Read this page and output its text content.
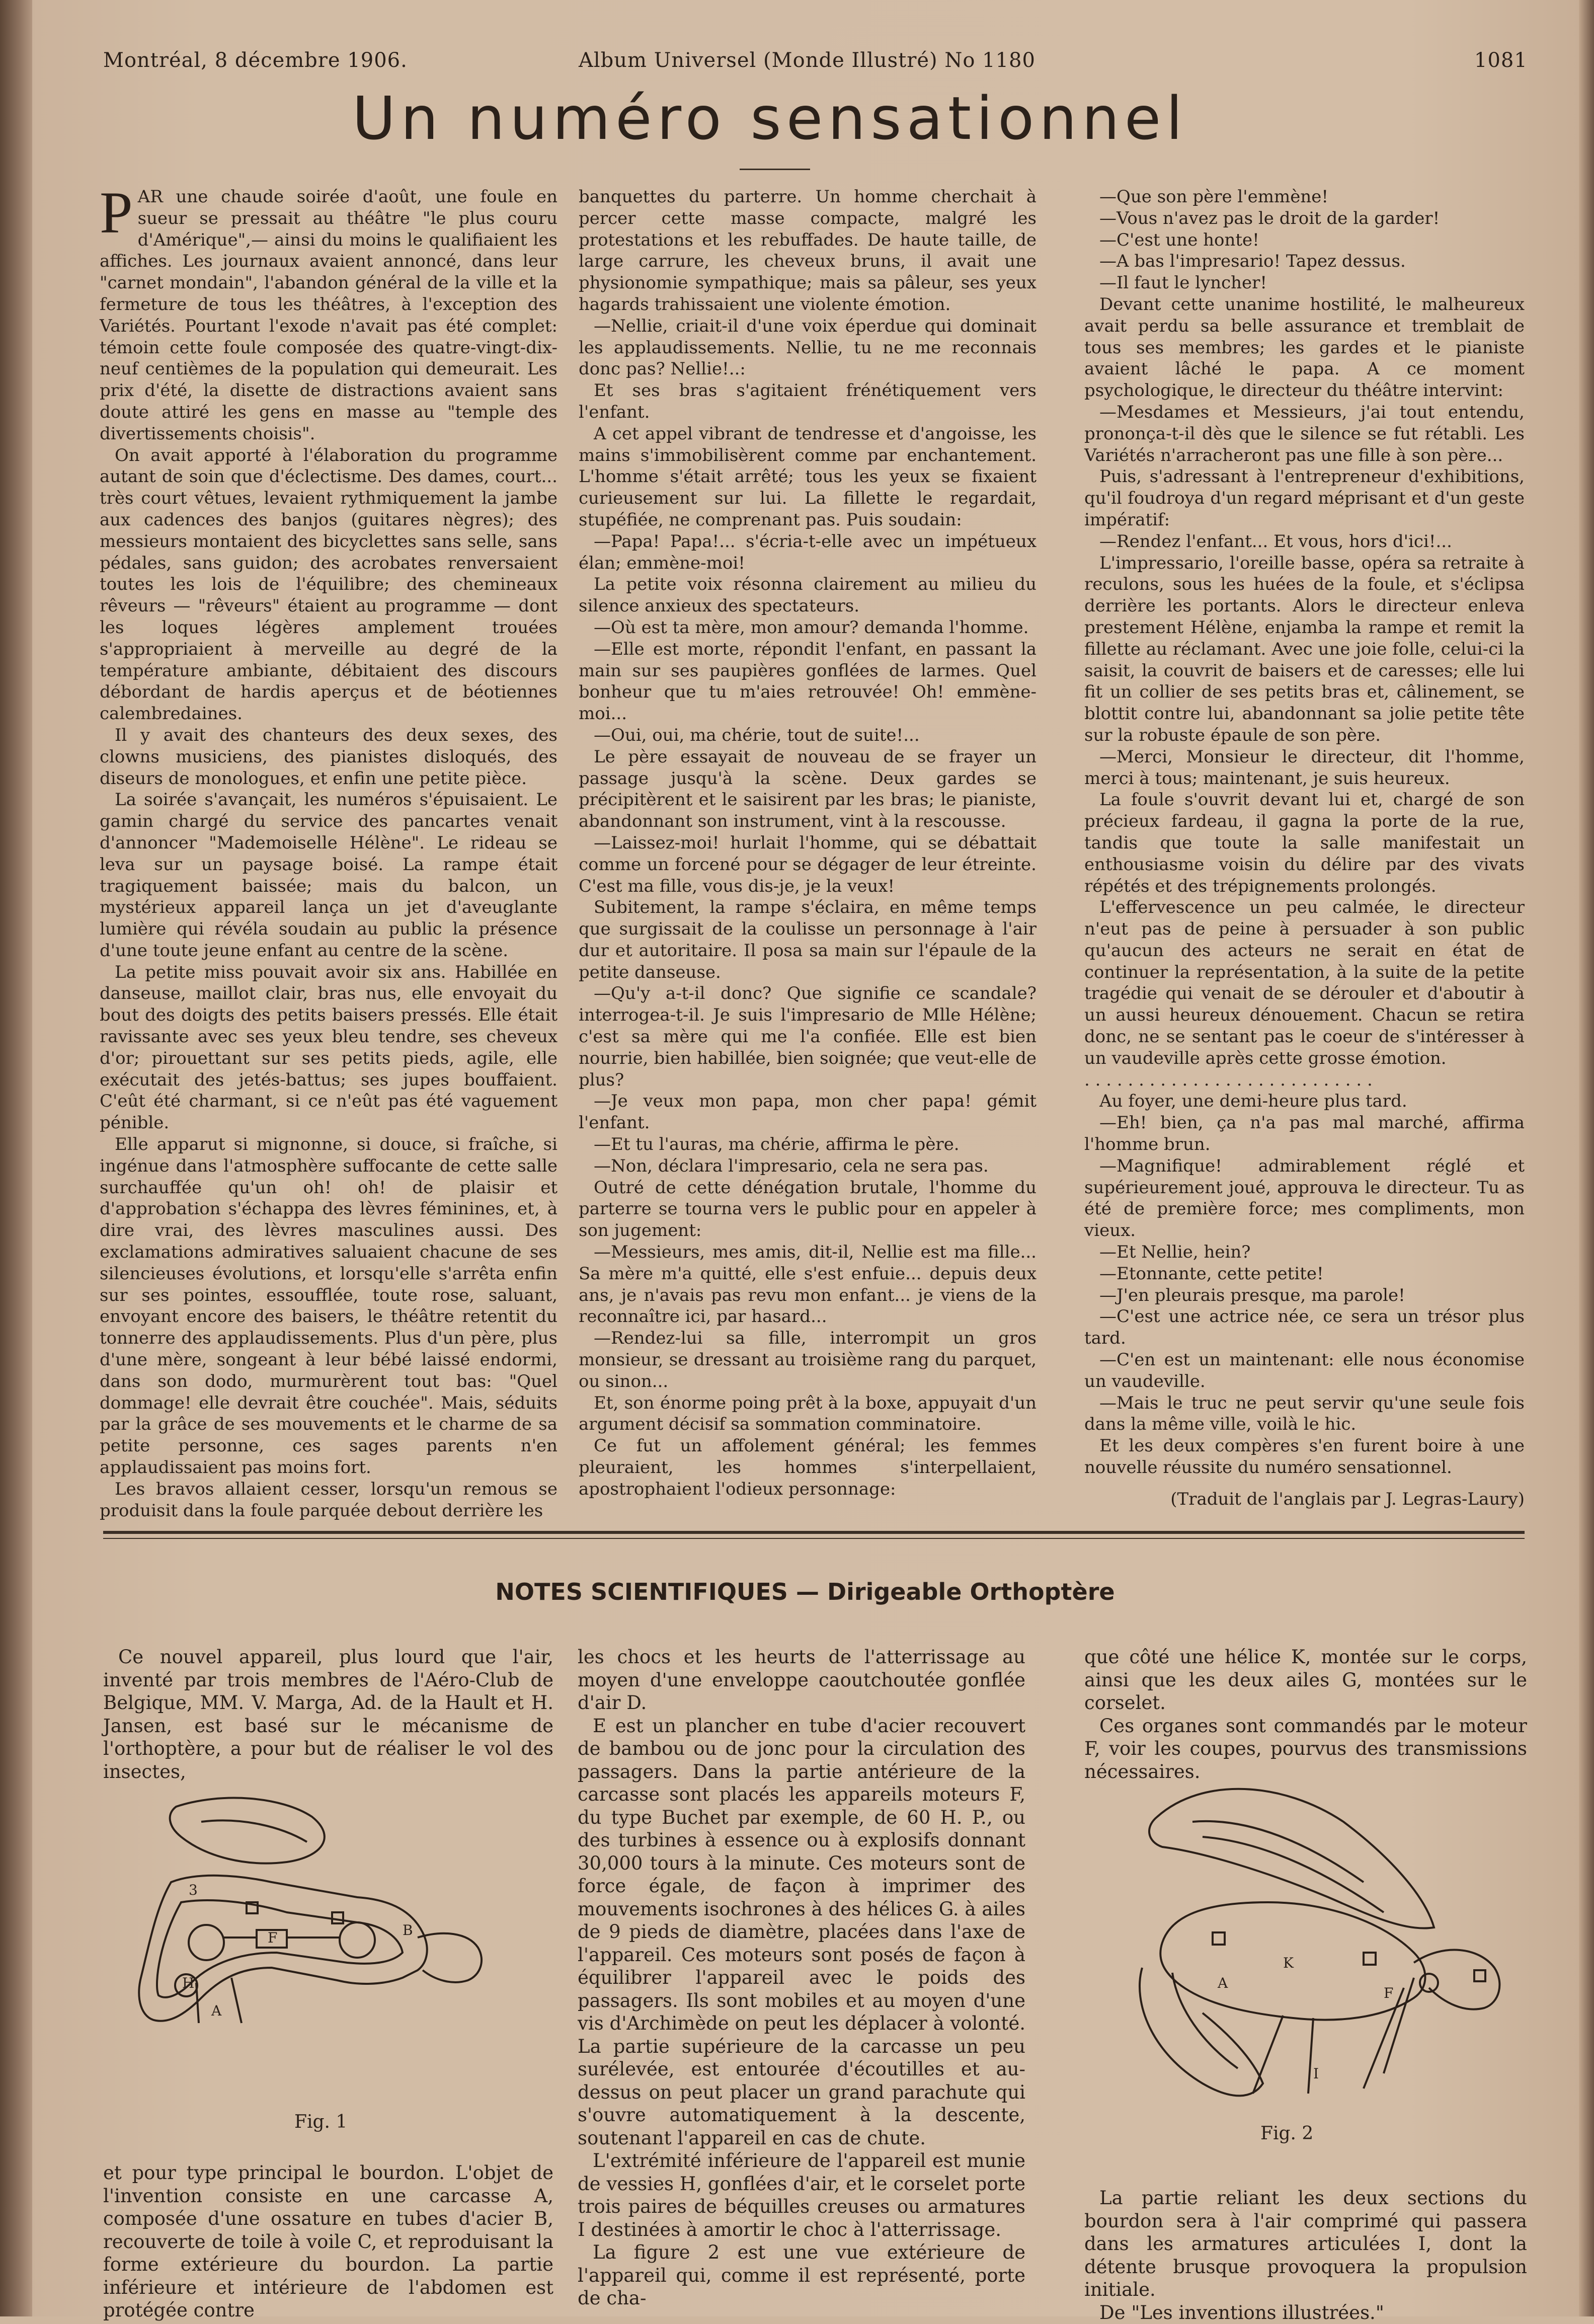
Montréal, 8 décembre 1906.	Album Universel (Monde Illustré) No 1180	1081
Un numéro sensationnel

PAR une chaude soirée d'août, une foule en sueur se pressait au théâtre "le plus couru d'Amérique",— ainsi du moins le qualifiaient les affiches. Les journaux avaient annoncé, dans leur "carnet mondain", l'abandon général de la ville et la fermeture de tous les théâtres, à l'exception des Variétés. Pourtant l'exode n'avait pas été complet: témoin cette foule composée des quatre-vingt-dix-neuf centièmes de la population qui demeurait. Les prix d'été, la disette de distractions avaient sans doute attiré les gens en masse au "temple des divertissements choisis".

On avait apporté à l'élaboration du programme autant de soin que d'éclectisme. Des dames, court... très court vêtues, levaient rythmiquement la jambe aux cadences des banjos (guitares nègres); des messieurs montaient des bicyclettes sans selle, sans pédales, sans guidon; des acrobates renversaient toutes les lois de l'équilibre; des chemineaux rêveurs — "rêveurs" étaient au programme — dont les loques légères amplement trouées s'appropriaient à merveille au degré de la température ambiante, débitaient des discours débordant de hardis aperçus et de béotiennes calembredaines.

Il y avait des chanteurs des deux sexes, des clowns musiciens, des pianistes disloqués, des diseurs de monologues, et enfin une petite pièce.

La soirée s'avançait, les numéros s'épuisaient. Le gamin chargé du service des pancartes venait d'annoncer "Mademoiselle Hélène". Le rideau se leva sur un paysage boisé. La rampe était tragiquement baissée; mais du balcon, un mystérieux appareil lança un jet d'aveuglante lumière qui révéla soudain au public la présence d'une toute jeune enfant au centre de la scène.

La petite miss pouvait avoir six ans. Habillée en danseuse, maillot clair, bras nus, elle envoyait du bout des doigts des petits baisers pressés. Elle était ravissante avec ses yeux bleu tendre, ses cheveux d'or; pirouettant sur ses petits pieds, agile, elle exécutait des jetés-battus; ses jupes bouffaient. C'eût été charmant, si ce n'eût pas été vaguement pénible.

Elle apparut si mignonne, si douce, si fraîche, si ingénue dans l'atmosphère suffocante de cette salle surchauffée qu'un oh! oh! de plaisir et d'approbation s'échappa des lèvres féminines, et, à dire vrai, des lèvres masculines aussi. Des exclamations admiratives saluaient chacune de ses silencieuses évolutions, et lorsqu'elle s'arrêta enfin sur ses pointes, essoufflée, toute rose, saluant, envoyant encore des baisers, le théâtre retentit du tonnerre des applaudissements. Plus d'un père, plus d'une mère, songeant à leur bébé laissé endormi, dans son dodo, murmurèrent tout bas: "Quel dommage! elle devrait être couchée". Mais, séduits par la grâce de ses mouvements et le charme de sa petite personne, ces sages parents n'en applaudissaient pas moins fort.

Les bravos allaient cesser, lorsqu'un remous se produisit dans la foule parquée debout derrière les

banquettes du parterre. Un homme cherchait à percer cette masse compacte, malgré les protestations et les rebuffades. De haute taille, de large carrure, les cheveux bruns, il avait une physionomie sympathique; mais sa pâleur, ses yeux hagards trahissaient une violente émotion.

—Nellie, criait-il d'une voix éperdue qui dominait les applaudissements. Nellie, tu ne me reconnais donc pas? Nellie!..:

Et ses bras s'agitaient frénétiquement vers l'enfant.

A cet appel vibrant de tendresse et d'angoisse, les mains s'immobilisèrent comme par enchantement. L'homme s'était arrêté; tous les yeux se fixaient curieusement sur lui. La fillette le regardait, stupéfiée, ne comprenant pas. Puis soudain:

—Papa! Papa!... s'écria-t-elle avec un impétueux élan; emmène-moi!

La petite voix résonna clairement au milieu du silence anxieux des spectateurs.

—Où est ta mère, mon amour? demanda l'homme.

—Elle est morte, répondit l'enfant, en passant la main sur ses paupières gonflées de larmes. Quel bonheur que tu m'aies retrouvée! Oh! emmène-moi...

—Oui, oui, ma chérie, tout de suite!...

Le père essayait de nouveau de se frayer un passage jusqu'à la scène. Deux gardes se précipitèrent et le saisirent par les bras; le pianiste, abandonnant son instrument, vint à la rescousse.

—Laissez-moi! hurlait l'homme, qui se débattait comme un forcené pour se dégager de leur étreinte. C'est ma fille, vous dis-je, je la veux!

Subitement, la rampe s'éclaira, en même temps que surgissait de la coulisse un personnage à l'air dur et autoritaire. Il posa sa main sur l'épaule de la petite danseuse.

—Qu'y a-t-il donc? Que signifie ce scandale? interrogea-t-il. Je suis l'impresario de Mlle Hélène; c'est sa mère qui me l'a confiée. Elle est bien nourrie, bien habillée, bien soignée; que veut-elle de plus?

—Je veux mon papa, mon cher papa! gémit l'enfant.

—Et tu l'auras, ma chérie, affirma le père.

—Non, déclara l'impresario, cela ne sera pas.

Outré de cette dénégation brutale, l'homme du parterre se tourna vers le public pour en appeler à son jugement:

—Messieurs, mes amis, dit-il, Nellie est ma fille... Sa mère m'a quitté, elle s'est enfuie... depuis deux ans, je n'avais pas revu mon enfant... je viens de la reconnaître ici, par hasard...

—Rendez-lui sa fille, interrompit un gros monsieur, se dressant au troisième rang du parquet, ou sinon...

Et, son énorme poing prêt à la boxe, appuyait d'un argument décisif sa sommation comminatoire.

Ce fut un affolement général; les femmes pleuraient, les hommes s'interpellaient, apostrophaient l'odieux personnage:

—Que son père l'emmène!

—Vous n'avez pas le droit de la garder!

—C'est une honte!

—A bas l'impresario! Tapez dessus.

—Il faut le lyncher!

Devant cette unanime hostilité, le malheureux avait perdu sa belle assurance et tremblait de tous ses membres; les gardes et le pianiste avaient lâché le papa. A ce moment psychologique, le directeur du théâtre intervint:

—Mesdames et Messieurs, j'ai tout entendu, prononça-t-il dès que le silence se fut rétabli. Les Variétés n'arracheront pas une fille à son père...

Puis, s'adressant à l'entrepreneur d'exhibitions, qu'il foudroya d'un regard méprisant et d'un geste impératif:

—Rendez l'enfant... Et vous, hors d'ici!...

L'impressario, l'oreille basse, opéra sa retraite à reculons, sous les huées de la foule, et s'éclipsa derrière les portants. Alors le directeur enleva prestement Hélène, enjamba la rampe et remit la fillette au réclamant. Avec une joie folle, celui-ci la saisit, la couvrit de baisers et de caresses; elle lui fit un collier de ses petits bras et, câlinement, se blottit contre lui, abandonnant sa jolie petite tête sur la robuste épaule de son père.

—Merci, Monsieur le directeur, dit l'homme, merci à tous; maintenant, je suis heureux.

La foule s'ouvrit devant lui et, chargé de son précieux fardeau, il gagna la porte de la rue, tandis que toute la salle manifestait un enthousiasme voisin du délire par des vivats répétés et des trépignements prolongés.

L'effervescence un peu calmée, le directeur n'eut pas de peine à persuader à son public qu'aucun des acteurs ne serait en état de continuer la représentation, à la suite de la petite tragédie qui venait de se dérouler et d'aboutir à un aussi heureux dénouement. Chacun se retira donc, ne se sentant pas le coeur de s'intéresser à un vaudeville après cette grosse émotion.

. . . . . . . . . . . . . . . . . . . . . . . . . . .

Au foyer, une demi-heure plus tard.

—Eh! bien, ça n'a pas mal marché, affirma l'homme brun.

—Magnifique! admirablement réglé et supérieurement joué, approuva le directeur. Tu as été de première force; mes compliments, mon vieux.

—Et Nellie, hein?

—Etonnante, cette petite!

—J'en pleurais presque, ma parole!

—C'est une actrice née, ce sera un trésor plus tard.

—C'en est un maintenant: elle nous économise un vaudeville.

—Mais le truc ne peut servir qu'une seule fois dans la même ville, voilà le hic.

Et les deux compères s'en furent boire à une nouvelle réussite du numéro sensationnel.

(Traduit de l'anglais par J. Legras-Laury)

NOTES SCIENTIFIQUES — Dirigeable Orthoptère

Ce nouvel appareil, plus lourd que l'air, inventé par trois membres de l'Aéro-Club de Belgique, MM. V. Marga, Ad. de la Hault et H. Jansen, est basé sur le mécanisme de l'orthoptère, a pour but de réaliser le vol des insectes,

3
F
H
A
B
Fig. 1

et pour type principal le bourdon. L'objet de l'invention consiste en une carcasse A, composée d'une ossature en tubes d'acier B, recouverte de toile à voile C, et reproduisant la forme extérieure du bourdon. La partie inférieure et intérieure de l'abdomen est protégée contre

les chocs et les heurts de l'atterrissage au moyen d'une enveloppe caoutchoutée gonflée d'air D.

E est un plancher en tube d'acier recouvert de bambou ou de jonc pour la circulation des passagers. Dans la partie antérieure de la carcasse sont placés les appareils moteurs F, du type Buchet par exemple, de 60 H. P., ou des turbines à essence ou à explosifs donnant 30,000 tours à la minute. Ces moteurs sont de force égale, de façon à imprimer des mouvements isochrones à des hélices G. à ailes de 9 pieds de diamètre, placées dans l'axe de l'appareil. Ces moteurs sont posés de façon à équilibrer l'appareil avec le poids des passagers. Ils sont mobiles et au moyen d'une vis d'Archimède on peut les déplacer à volonté. La partie supérieure de la carcasse un peu surélevée, est entourée d'écoutilles et au-dessus on peut placer un grand parachute qui s'ouvre automatiquement à la descente, soutenant l'appareil en cas de chute.

L'extrémité inférieure de l'appareil est munie de vessies H, gonflées d'air, et le corselet porte trois paires de béquilles creuses ou armatures I destinées à amortir le choc à l'atterrissage.

La figure 2 est une vue extérieure de l'appareil qui, comme il est représenté, porte de cha-

que côté une hélice K, montée sur le corps, ainsi que les deux ailes G, montées sur le corselet.

Ces organes sont commandés par le moteur F, voir les coupes, pourvus des transmissions nécessaires.

A
K
F
I
Fig. 2

La partie reliant les deux sections du bourdon sera à l'air comprimé qui passera dans les armatures articulées I, dont la détente brusque provoquera la propulsion initiale.

De "Les inventions illustrées."
